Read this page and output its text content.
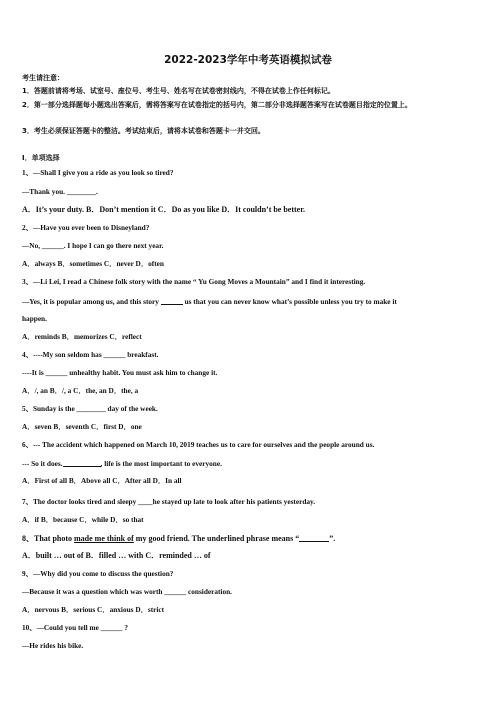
2022-2023学年中考英语模拟试卷
考生请注意：
1．答题前请将考场、试室号、座位号、考生号、姓名写在试卷密封线内，不得在试卷上作任何标记。
2．第一部分选择题每小题选出答案后，需将答案写在试卷指定的括号内，第二部分非选择题答案写在试卷题目指定的位置上。
3．考生必须保证答题卡的整洁。考试结束后，请将本试卷和答题卡一并交回。
Ⅰ．单项选择
1、—Shall I give you a ride as you look so tired?
—Thank you. ________.
A．It’s your duty. B．Don’t mention it C．Do as you like D．It couldn’t be better.
2、—Have you ever been to Disneyland?
—No, ______. I hope I can go there next year.
A．always B．sometimes C．never D．often
3、—Li Lei, I read a Chinese folk story with the name “ Yu Gong Moves a Mountain” and I find it interesting.
—Yes, it is popular among us, and this story	us that you can never know what’s possible unless you try to make it
happen.
A．reminds B．memorizes C．reflect
4、----My son seldom has ______ breakfast.
----It is ______ unhealthy habit. You must ask him to change it.
A．/, an B．/, a C．the, an D．the, a
5、Sunday is the ________ day of the week.
A．seven B．seventh C．first D．one
6、--- The accident which happened on March 10, 2019 teaches us to care for ourselves and the people around us.
--- So it does.	, life is the most important to everyone.
A．First of all B．Above all C．After all D．In all
7、The doctor looks tired and sleepy ____he stayed up late to look after his patients yesterday.
A．if B．because C．while D．so that
8、That photo made me think of my good friend. The underlined phrase means “	”.
A．built … out of B．filled … with C．reminded … of
9、—Why did you come to discuss the question?
—Because it was a question which was worth ______ consideration.
A．nervous B．serious C．anxious D．strict
10、—Could you tell me ______ ?
—He rides his bike.
